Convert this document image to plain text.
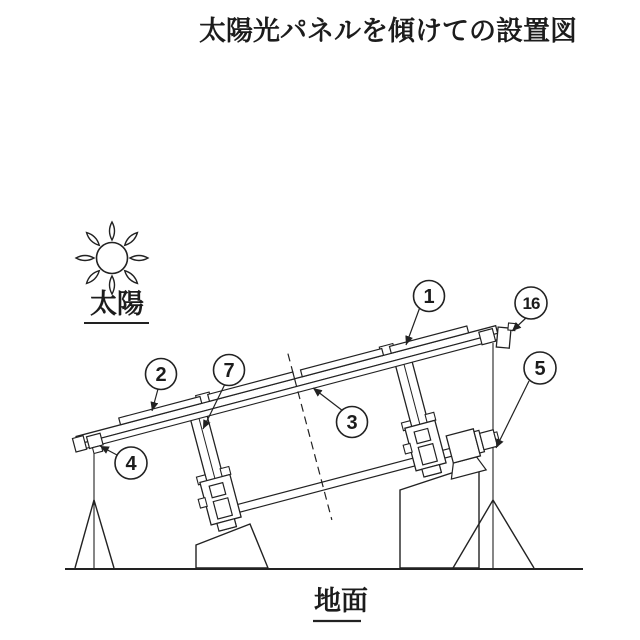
太陽光パネルを傾けての設置図
太陽	1	16
2	7
3
4
5
地面
